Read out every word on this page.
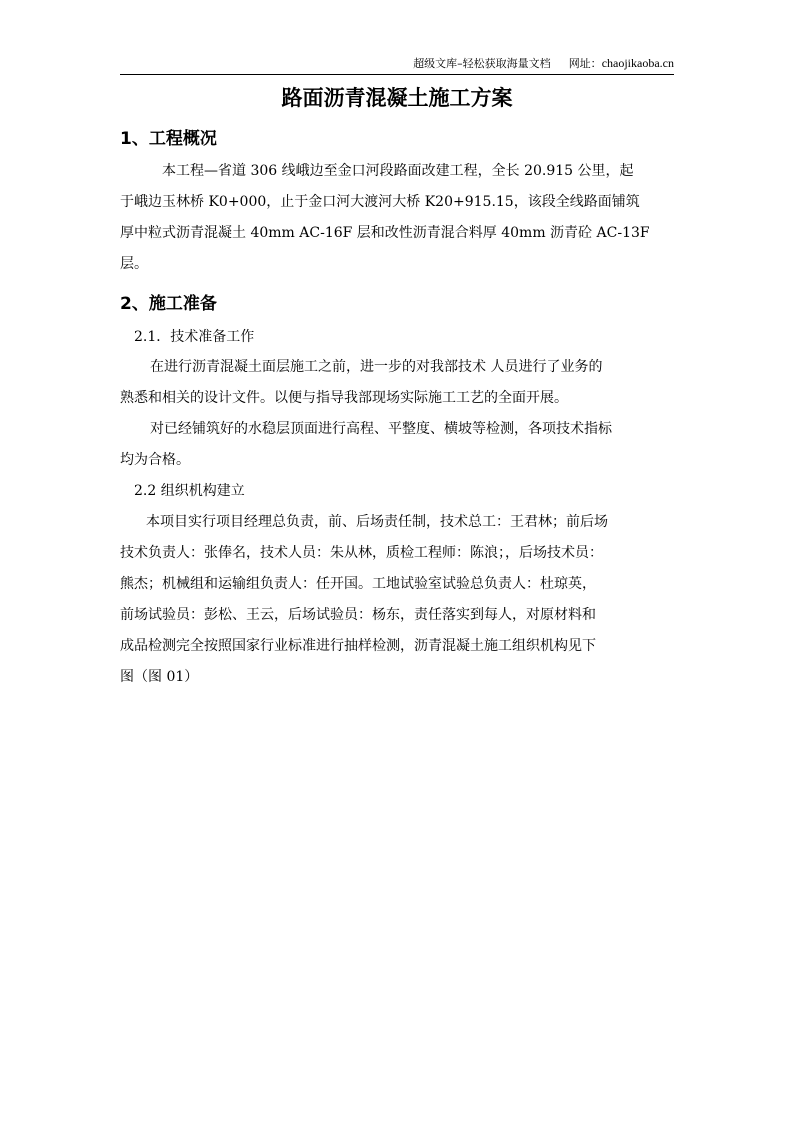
超级文库–轻松获取海量文档 网址：chaojikaoba.cn
路面沥青混凝土施工方案
1、工程概况
本工程—省道 306 线峨边至金口河段路面改建工程，全长 20.915 公里，起
于峨边玉林桥 K0+000，止于金口河大渡河大桥 K20+915.15，该段全线路面铺筑
厚中粒式沥青混凝土 40mm AC-16F 层和改性沥青混合料厚 40mm 沥青砼 AC-13F
层。
2、施工准备
2.1．技术准备工作
在进行沥青混凝土面层施工之前，进一步的对我部技术 人员进行了业务的
熟悉和相关的设计文件。以便与指导我部现场实际施工工艺的全面开展。
对已经铺筑好的水稳层顶面进行高程、平整度、横坡等检测，各项技术指标
均为合格。
2.2 组织机构建立
本项目实行项目经理总负责，前、后场责任制，技术总工：王君林；前后场
技术负责人：张俸名，技术人员：朱从林，质检工程师：陈浪；，后场技术员：
熊杰；机械组和运输组负责人：任开国。工地试验室试验总负责人：杜琼英，
前场试验员：彭松、王云，后场试验员：杨东，责任落实到每人，对原材料和
成品检测完全按照国家行业标准进行抽样检测，沥青混凝土施工组织机构见下
图（图 01）
